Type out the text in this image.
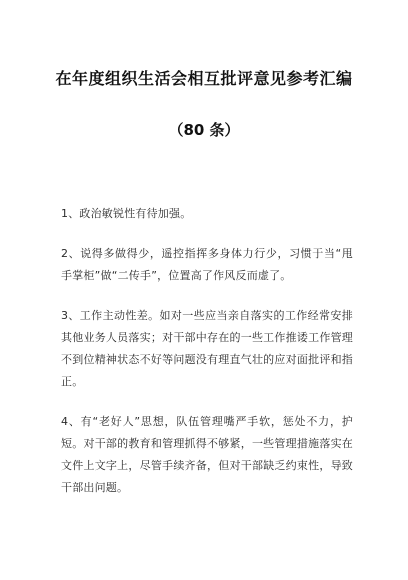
在年度组织生活会相互批评意见参考汇编
（80 条）

1、政治敏锐性有待加强。

2、说得多做得少，遥控指挥多身体力行少，习惯于当“甩手掌柜”做“二传手”，位置高了作风反而虚了。

3、工作主动性差。如对一些应当亲自落实的工作经常安排其他业务人员落实；对干部中存在的一些工作推诿工作管理不到位精神状态不好等问题没有理直气壮的应对面批评和指正。

4、有“老好人”思想，队伍管理嘴严手软，惩处不力，护短。对干部的教育和管理抓得不够紧，一些管理措施落实在文件上文字上，尽管手续齐备，但对干部缺乏约束性，导致干部出问题。
